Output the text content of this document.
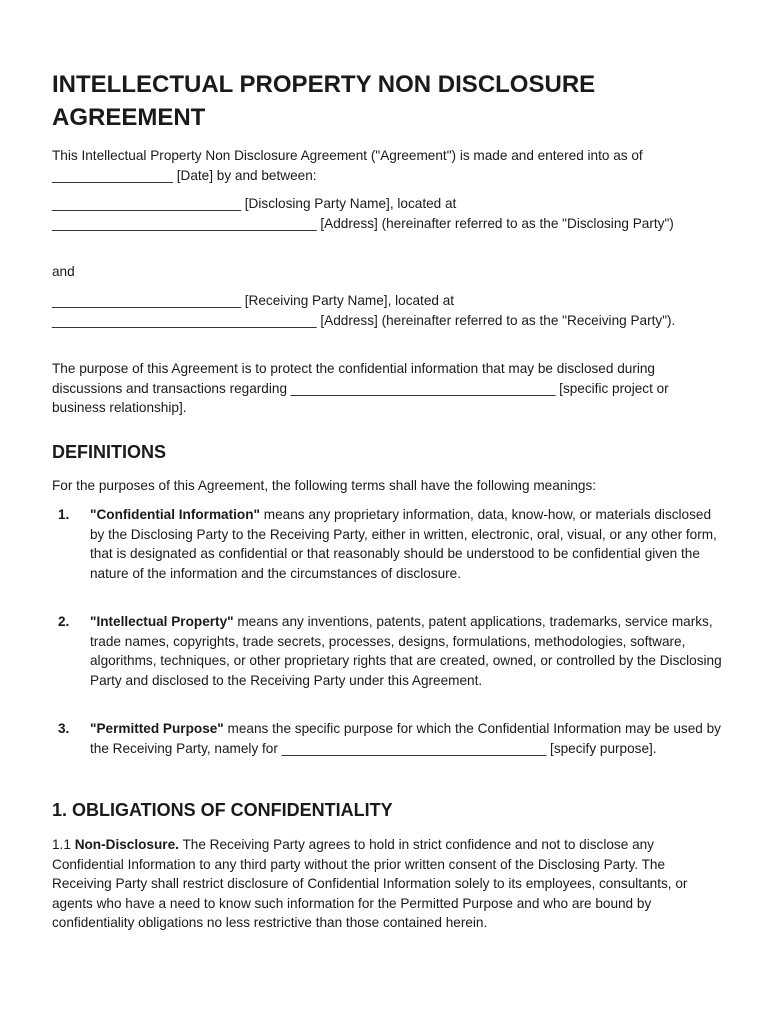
INTELLECTUAL PROPERTY NON DISCLOSURE AGREEMENT

This Intellectual Property Non Disclosure Agreement ("Agreement") is made and entered into as of ________________ [Date] by and between:

_________________________ [Disclosing Party Name], located at ___________________________________ [Address] (hereinafter referred to as the "Disclosing Party")

and

_________________________ [Receiving Party Name], located at ___________________________________ [Address] (hereinafter referred to as the "Receiving Party").

The purpose of this Agreement is to protect the confidential information that may be disclosed during discussions and transactions regarding ___________________________________ [specific project or business relationship].

DEFINITIONS

For the purposes of this Agreement, the following terms shall have the following meanings:

1. "Confidential Information" means any proprietary information, data, know-how, or materials disclosed by the Disclosing Party to the Receiving Party, either in written, electronic, oral, visual, or any other form, that is designated as confidential or that reasonably should be understood to be confidential given the nature of the information and the circumstances of disclosure.
2. "Intellectual Property" means any inventions, patents, patent applications, trademarks, service marks, trade names, copyrights, trade secrets, processes, designs, formulations, methodologies, software, algorithms, techniques, or other proprietary rights that are created, owned, or controlled by the Disclosing Party and disclosed to the Receiving Party under this Agreement.
3. "Permitted Purpose" means the specific purpose for which the Confidential Information may be used by the Receiving Party, namely for ___________________________________ [specify purpose].
1. OBLIGATIONS OF CONFIDENTIALITY

1.1 Non-Disclosure. The Receiving Party agrees to hold in strict confidence and not to disclose any Confidential Information to any third party without the prior written consent of the Disclosing Party. The Receiving Party shall restrict disclosure of Confidential Information solely to its employees, consultants, or agents who have a need to know such information for the Permitted Purpose and who are bound by confidentiality obligations no less restrictive than those contained herein.
